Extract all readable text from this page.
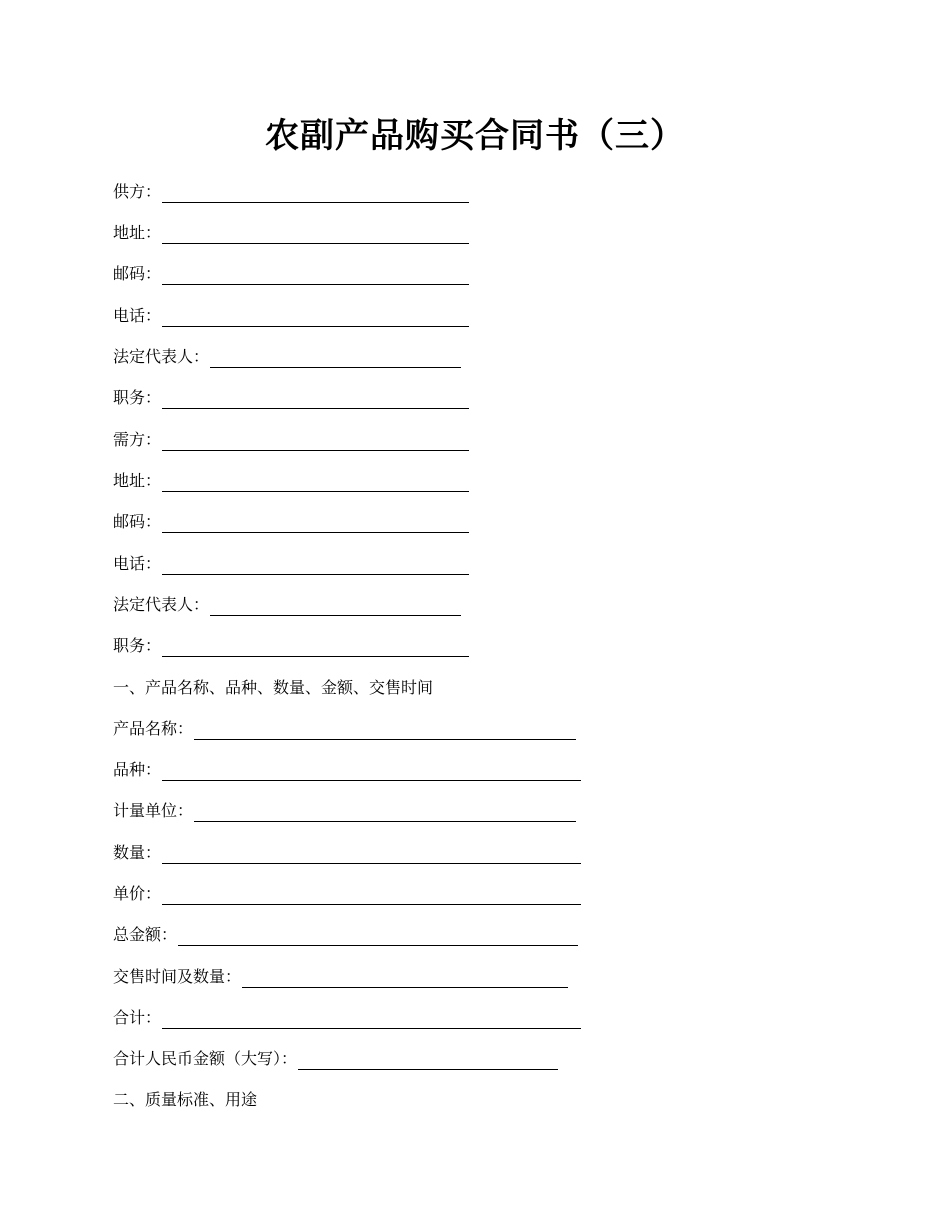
农副产品购买合同书（三）
供方：
地址：
邮码：
电话：
法定代表人：
职务：
需方：
地址：
邮码：
电话：
法定代表人：
职务：
一、产品名称、品种、数量、金额、交售时间
产品名称：
品种：
计量单位：
数量：
单价：
总金额：
交售时间及数量：
合计：
合计人民币金额（大写）：
二、质量标准、用途
